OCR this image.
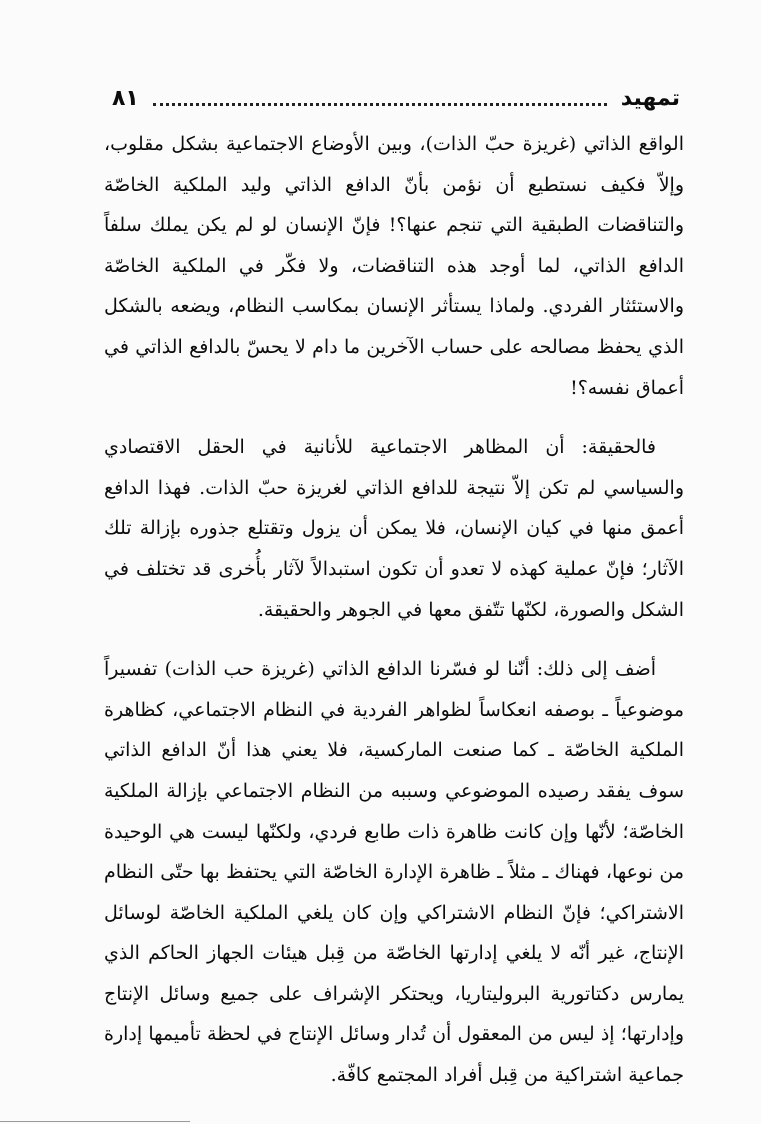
تمهيد
٨١

الواقع الذاتي (غريزة حبّ الذات)، وبين الأوضاع الاجتماعية بشكل مقلوب، وإلاّ فكيف نستطيع أن نؤمن بأنّ الدافع الذاتي وليد الملكية الخاصّة والتناقضات الطبقية التي تنجم عنها؟! فإنّ الإنسان لو لم يكن يملك سلفاً الدافع الذاتي، لما أوجد هذه التناقضات، ولا فكّر في الملكية الخاصّة والاستئثار الفردي. ولماذا يستأثر الإنسان بمكاسب النظام، ويضعه بالشكل الذي يحفظ مصالحه على حساب الآخرين ما دام لا يحسّ بالدافع الذاتي في أعماق نفسه؟!

فالحقيقة: أن المظاهر الاجتماعية للأنانية في الحقل الاقتصادي والسياسي لم تكن إلاّ نتيجة للدافع الذاتي لغريزة حبّ الذات. فهذا الدافع أعمق منها في كيان الإنسان، فلا يمكن أن يزول وتقتلع جذوره بإزالة تلك الآثار؛ فإنّ عملية كهذه لا تعدو أن تكون استبدالاً لآثار بأُخرى قد تختلف في الشكل والصورة، لكنّها تتّفق معها في الجوهر والحقيقة.

أضف إلى ذلك: أنّنا لو فسّرنا الدافع الذاتي (غريزة حب الذات) تفسيراً موضوعياً ـ بوصفه انعكاساً لظواهر الفردية في النظام الاجتماعي، كظاهرة الملكية الخاصّة ـ كما صنعت الماركسية، فلا يعني هذا أنّ الدافع الذاتي سوف يفقد رصيده الموضوعي وسببه من النظام الاجتماعي بإزالة الملكية الخاصّة؛ لأنّها وإن كانت ظاهرة ذات طابع فردي، ولكنّها ليست هي الوحيدة من نوعها، فهناك ـ مثلاً ـ ظاهرة الإدارة الخاصّة التي يحتفظ بها حتّى النظام الاشتراكي؛ فإنّ النظام الاشتراكي وإن كان يلغي الملكية الخاصّة لوسائل الإنتاج، غير أنّه لا يلغي إدارتها الخاصّة من قِبل هيئات الجهاز الحاكم الذي يمارس دكتاتورية البروليتاريا، ويحتكر الإشراف على جميع وسائل الإنتاج وإدارتها؛ إذ ليس من المعقول أن تُدار وسائل الإنتاج في لحظة تأميمها إدارة جماعية اشتراكية من قِبل أفراد المجتمع كافّة.
